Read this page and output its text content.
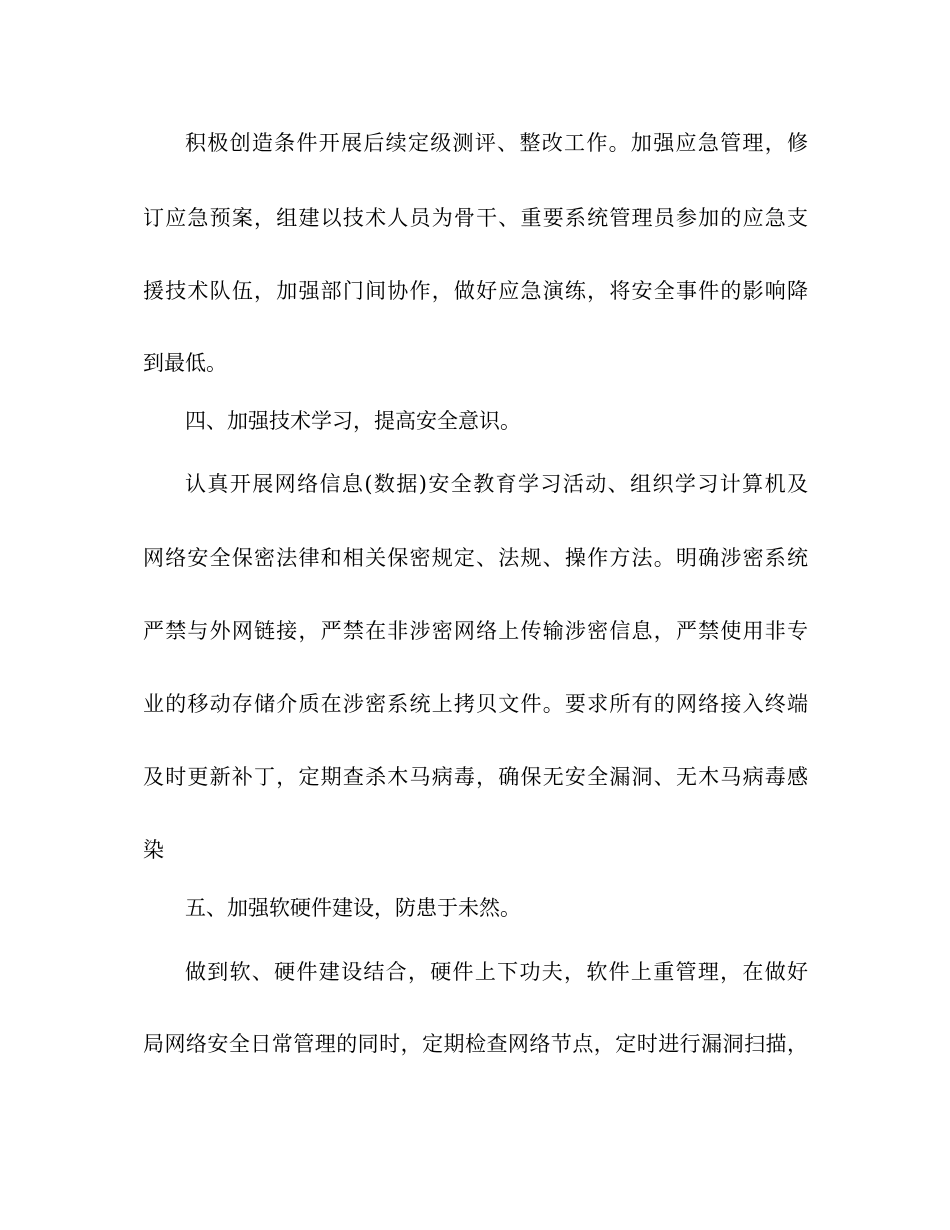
积极创造条件开展后续定级测评、整改工作。加强应急管理，修

订应急预案，组建以技术人员为骨干、重要系统管理员参加的应急支

援技术队伍，加强部门间协作，做好应急演练，将安全事件的影响降

到最低。

四、加强技术学习，提高安全意识。

认真开展网络信息(数据)安全教育学习活动、组织学习计算机及

网络安全保密法律和相关保密规定、法规、操作方法。明确涉密系统

严禁与外网链接，严禁在非涉密网络上传输涉密信息，严禁使用非专

业的移动存储介质在涉密系统上拷贝文件。要求所有的网络接入终端

及时更新补丁，定期查杀木马病毒，确保无安全漏洞、无木马病毒感

染

五、加强软硬件建设，防患于未然。

做到软、硬件建设结合，硬件上下功夫，软件上重管理，在做好

局网络安全日常管理的同时，定期检查网络节点，定时进行漏洞扫描，
